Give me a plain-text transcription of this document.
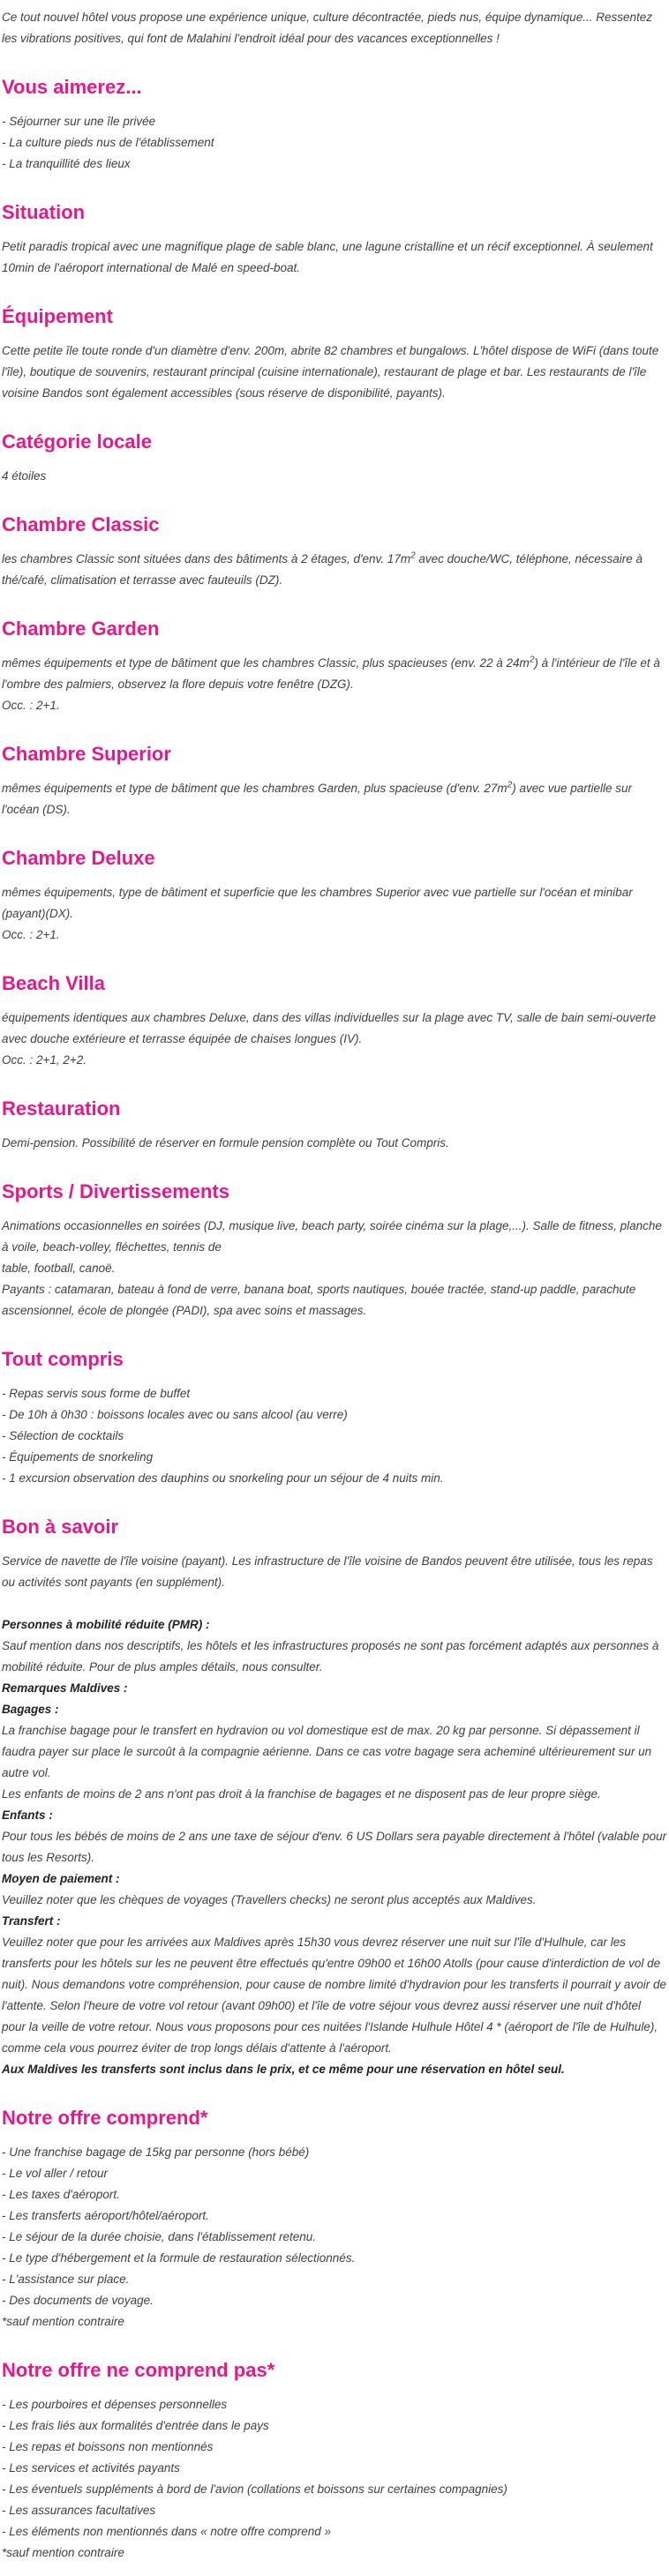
Ce tout nouvel hôtel vous propose une expérience unique, culture décontractée, pieds nus, équipe dynamique... Ressentez les vibrations positives, qui font de Malahini l'endroit idéal pour des vacances exceptionnelles !

Vous aimerez...
- Séjourner sur une île privée
- La culture pieds nus de l'établissement
- La tranquillité des lieux
Situation

Petit paradis tropical avec une magnifique plage de sable blanc, une lagune cristalline et un récif exceptionnel. À seulement 10min de l'aéroport international de Malé en speed-boat.

Équipement

Cette petite île toute ronde d'un diamètre d'env. 200m, abrite 82 chambres et bungalows. L'hôtel dispose de WiFi (dans toute l'île), boutique de souvenirs, restaurant principal (cuisine internationale), restaurant de plage et bar. Les restaurants de l'île voisine Bandos sont également accessibles (sous réserve de disponibilité, payants).

Catégorie locale

4 étoiles

Chambre Classic

les chambres Classic sont situées dans des bâtiments à 2 étages, d'env. $17m^2$ avec douche/WC, téléphone, nécessaire à thé/café, climatisation et terrasse avec fauteuils (DZ).

Chambre Garden

mêmes équipements et type de bâtiment que les chambres Classic, plus spacieuses (env. 22 à $24m^2$) à l'intérieur de l'île et à l'ombre des palmiers, observez la flore depuis votre fenêtre (DZG).

Occ. : 2+1.

Chambre Superior

mêmes équipements et type de bâtiment que les chambres Garden, plus spacieuse (d'env. $27m^2$) avec vue partielle sur l'océan (DS).

Chambre Deluxe

mêmes équipements, type de bâtiment et superficie que les chambres Superior avec vue partielle sur l'océan et minibar (payant)(DX).

Occ. : 2+1.

Beach Villa

équipements identiques aux chambres Deluxe, dans des villas individuelles sur la plage avec TV, salle de bain semi-ouverte avec douche extérieure et terrasse équipée de chaises longues (IV).

Occ. : 2+1, 2+2.

Restauration

Demi-pension. Possibilité de réserver en formule pension complète ou Tout Compris.

Sports / Divertissements

Animations occasionnelles en soirées (DJ, musique live, beach party, soirée cinéma sur la plage,...). Salle de fitness, planche à voile, beach-volley, fléchettes, tennis de

table, football, canoë.

Payants : catamaran, bateau à fond de verre, banana boat, sports nautiques, bouée tractée, stand-up paddle, parachute ascensionnel, école de plongée (PADI), spa avec soins et massages.

Tout compris
- Repas servis sous forme de buffet
- De 10h à 0h30 : boissons locales avec ou sans alcool (au verre)
- Sélection de cocktails
- Équipements de snorkeling
- 1 excursion observation des dauphins ou snorkeling pour un séjour de 4 nuits min.
Bon à savoir

Service de navette de l'île voisine (payant). Les infrastructure de l'île voisine de Bandos peuvent être utilisée, tous les repas ou activités sont payants (en supplément).

Personnes à mobilité réduite (PMR) :

Sauf mention dans nos descriptifs, les hôtels et les infrastructures proposés ne sont pas forcément adaptés aux personnes à mobilité réduite. Pour de plus amples détails, nous consulter.

Remarques Maldives :

Bagages :

La franchise bagage pour le transfert en hydravion ou vol domestique est de max. 20 kg par personne. Si dépassement il faudra payer sur place le surcoût à la compagnie aérienne. Dans ce cas votre bagage sera acheminé ultérieurement sur un autre vol.

Les enfants de moins de 2 ans n'ont pas droit à la franchise de bagages et ne disposent pas de leur propre siège.

Enfants :

Pour tous les bébés de moins de 2 ans une taxe de séjour d'env. 6 US Dollars sera payable directement à l'hôtel (valable pour tous les Resorts).

Moyen de paiement :

Veuillez noter que les chèques de voyages (Travellers checks) ne seront plus acceptés aux Maldives.

Transfert :

Veuillez noter que pour les arrivées aux Maldives après 15h30 vous devrez réserver une nuit sur l'île d'Hulhule, car les transferts pour les hôtels sur les ne peuvent être effectués qu'entre 09h00 et 16h00 Atolls (pour cause d'interdiction de vol de nuit). Nous demandons votre compréhension, pour cause de nombre limité d'hydravion pour les transferts il pourrait y avoir de l'attente. Selon l'heure de votre vol retour (avant 09h00) et l'île de votre séjour vous devrez aussi réserver une nuit d'hôtel pour la veille de votre retour. Nous vous proposons pour ces nuitées l'Islande Hulhule Hôtel 4 * (aéroport de l'île de Hulhule), comme cela vous pourrez éviter de trop longs délais d'attente à l'aéroport.

Aux Maldives les transferts sont inclus dans le prix, et ce même pour une réservation en hôtel seul.

Notre offre comprend*
- Une franchise bagage de 15kg par personne (hors bébé)
- Le vol aller / retour
- Les taxes d'aéroport.
- Les transferts aéroport/hôtel/aéroport.
- Le séjour de la durée choisie, dans l'établissement retenu.
- Le type d'hébergement et la formule de restauration sélectionnés.
- L'assistance sur place.
- Des documents de voyage.
*sauf mention contraire
Notre offre ne comprend pas*
- Les pourboires et dépenses personnelles
- Les frais liés aux formalités d'entrée dans le pays
- Les repas et boissons non mentionnés
- Les services et activités payants
- Les éventuels suppléments à bord de l'avion (collations et boissons sur certaines compagnies)
- Les assurances facultatives
- Les éléments non mentionnés dans « notre offre comprend »
*sauf mention contraire
